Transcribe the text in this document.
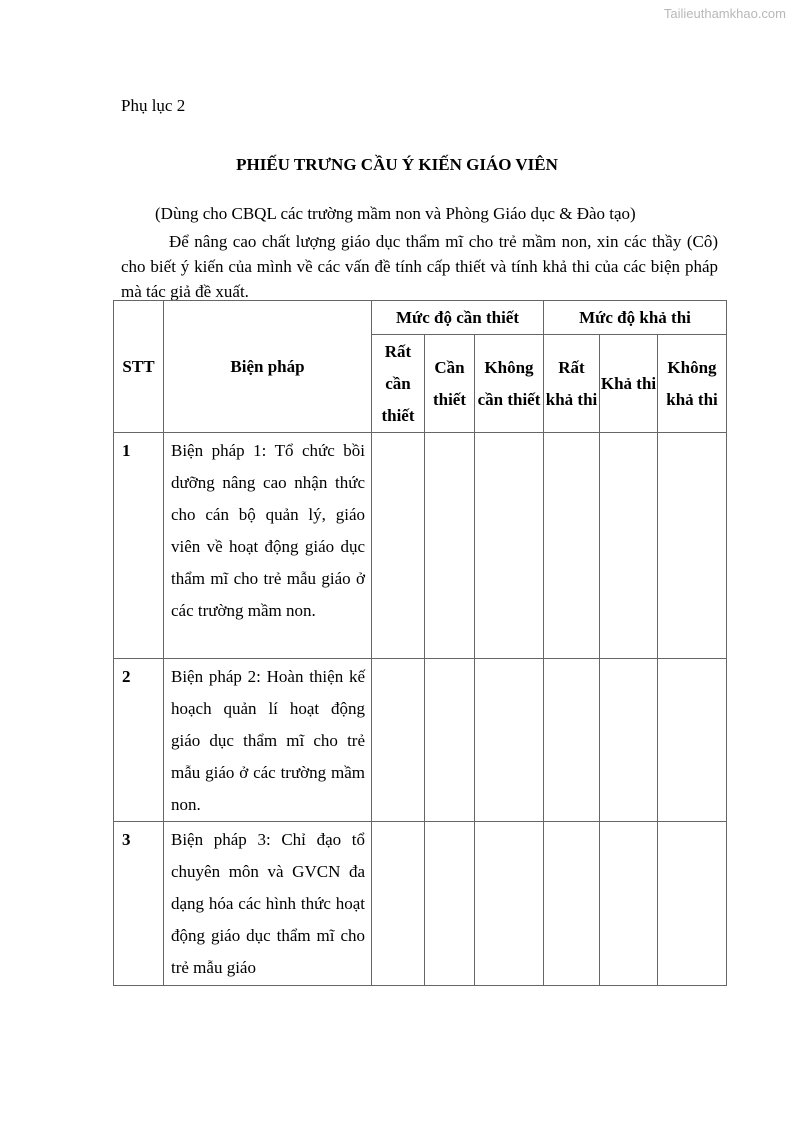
Tailieuthamkhao.com
Phụ lục 2
PHIẾU TRƯNG CẦU Ý KIẾN GIÁO VIÊN
(Dùng cho CBQL các trường mầm non và Phòng Giáo dục & Đào tạo)
Để nâng cao chất lượng giáo dục thẩm mĩ cho trẻ mầm non, xin các thầy (Cô) cho biết ý kiến của mình về các vấn đề tính cấp thiết và tính khả thi của các biện pháp mà tác giả đề xuất.
STT	Biện pháp	Mức độ cần thiết			Mức độ khả thi		
		Rất cần thiết	Cần thiết	Không cần thiết	Rất khả thi	Khả thi	Không khả thi
1	Biện pháp 1: Tổ chức bồi dưỡng nâng cao nhận thức cho cán bộ quản lý, giáo viên về hoạt động giáo dục thẩm mĩ cho trẻ mẫu giáo ở các trường mầm non.						
2	Biện pháp 2: Hoàn thiện kế hoạch quản lí hoạt động giáo dục thẩm mĩ cho trẻ mẫu giáo ở các trường mầm non.						
3	Biện pháp 3: Chỉ đạo tổ chuyên môn và GVCN đa dạng hóa các hình thức hoạt động giáo dục thẩm mĩ cho trẻ mẫu giáo						
